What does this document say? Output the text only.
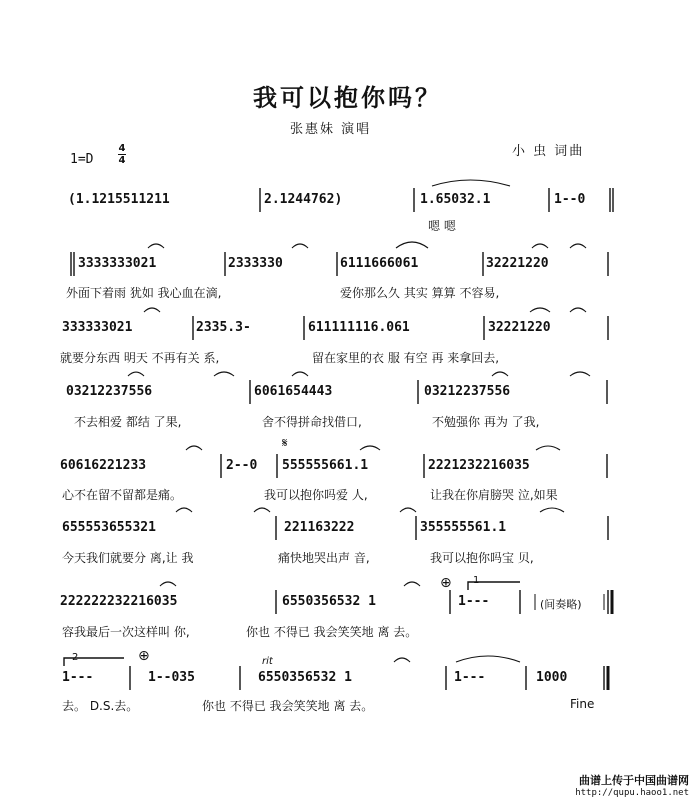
我可以抱你吗？
张惠妹 演唱
小 虫 词曲
1=D
4
4
(1.1215511211	2.1244762)	1.65032.1	1--0
嗯 嗯
3333333021	2333330	6111666061	32221220
外面下着雨 犹如 我心血在滴,	爱你那么久 其实 算算 不容易,
333333021	2335.3-	611111116.061	32221220
就要分东西 明天 不再有关 系,	留在家里的衣 服 有空 再 来拿回去,
03212237556	6061654443	03212237556
不去相爱 都结 了果,	舍不得拼命找借口,	不勉强你 再为 了我,
60616221233	2--0	555555661.1	2221232216035
心不在留不留都是痛。	我可以抱你吗爱 人,	让我在你肩膀哭 泣,如果
655553655321	221163222	355555561.1
今天我们就要分 离,让 我	痛快地哭出声 音,	我可以抱你吗宝 贝,
222222232216035	6550356532 1	1---	(间奏略)
容我最后一次这样叫 你,	你也 不得已 我会笑笑地 离 去。
1---	1--035	6550356532 1	1---	1000
去。 D.S.去。	你也 不得已 我会笑笑地 离 去。	Fine
rit
1
2
𝄋
⊕
⊕
曲谱上传于中国曲谱网
http://qupu.haoo1.net
